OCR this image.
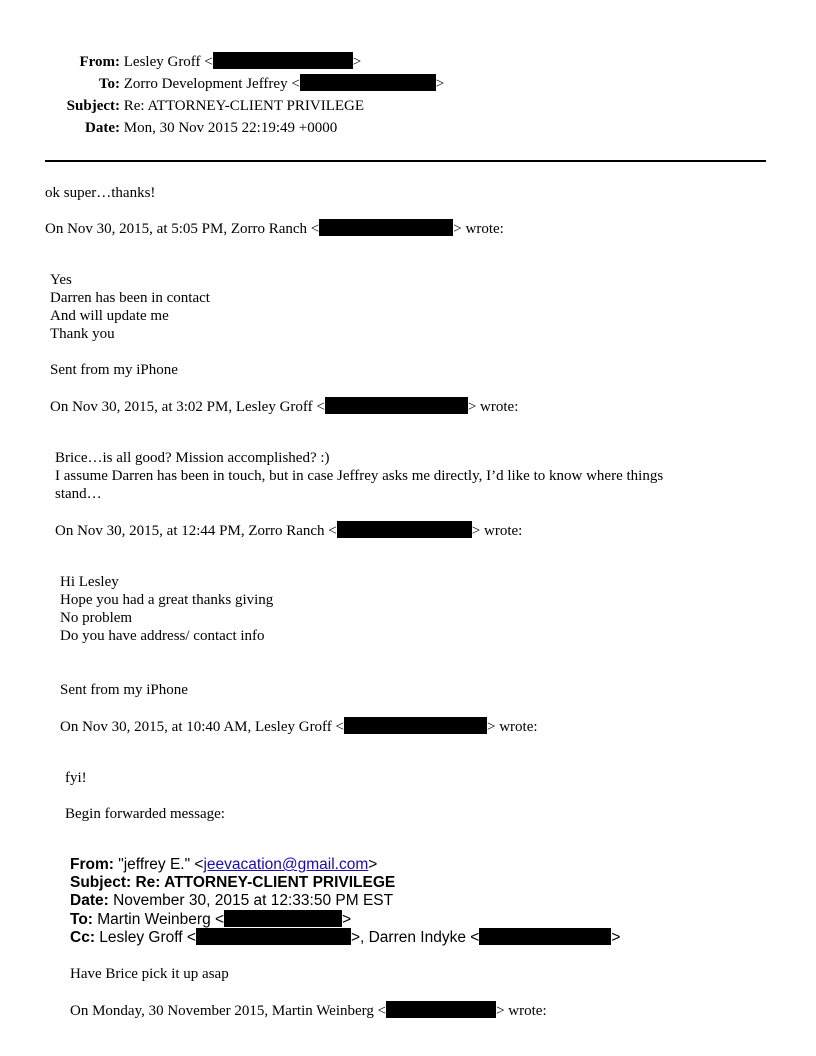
From: Lesley Groff <	>
To: Zorro Development Jeffrey <	>
Subject: Re: ATTORNEY-CLIENT PRIVILEGE
Date: Mon, 30 Nov 2015 22:19:49 +0000
ok super…thanks!
On Nov 30, 2015, at 5:05 PM, Zorro Ranch <	> wrote:
Yes
Darren has been in contact
And will update me
Thank you
Sent from my iPhone
On Nov 30, 2015, at 3:02 PM, Lesley Groff <	> wrote:
Brice…is all good? Mission accomplished? :)
I assume Darren has been in touch, but in case Jeffrey asks me directly, I’d like to know where things
stand…
On Nov 30, 2015, at 12:44 PM, Zorro Ranch <	> wrote:
Hi Lesley
Hope you had a great thanks giving
No problem
Do you have address/ contact info
Sent from my iPhone
On Nov 30, 2015, at 10:40 AM, Lesley Groff <	> wrote:
fyi!
Begin forwarded message:
From: "jeffrey E." <jeevacation@gmail.com>
Subject: Re: ATTORNEY-CLIENT PRIVILEGE
Date: November 30, 2015 at 12:33:50 PM EST
To: Martin Weinberg <	>
Cc: Lesley Groff <	>, Darren Indyke <	>
Have Brice pick it up asap
On Monday, 30 November 2015, Martin Weinberg <	> wrote:
